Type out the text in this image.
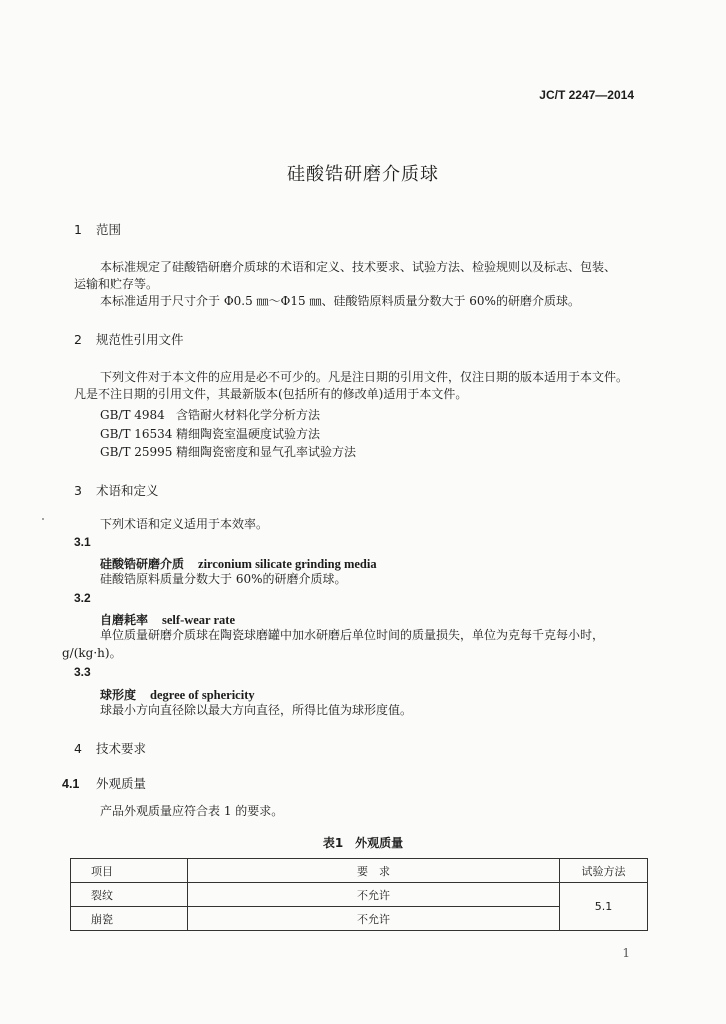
JC/T 2247—2014
硅酸锆研磨介质球
1 范围
本标准规定了硅酸锆研磨介质球的术语和定义、技术要求、试验方法、检验规则以及标志、包装、
运输和贮存等。
本标准适用于尺寸介于 Φ0.5 ㎜～Φ15 ㎜、硅酸锆原料质量分数大于 60%的研磨介质球。
2 规范性引用文件
下列文件对于本文件的应用是必不可少的。凡是注日期的引用文件，仅注日期的版本适用于本文件。
凡是不注日期的引用文件，其最新版本(包括所有的修改单)适用于本文件。
GB/T 4984 含锆耐火材料化学分析方法
GB/T 16534 精细陶瓷室温硬度试验方法
GB/T 25995 精细陶瓷密度和显气孔率试验方法
3 术语和定义
下列术语和定义适用于本效率。
3.1
硅酸锆研磨介质 zirconium silicate grinding media
硅酸锆原料质量分数大于 60%的研磨介质球。
3.2
自磨耗率 self-wear rate
单位质量研磨介质球在陶瓷球磨罐中加水研磨后单位时间的质量损失，单位为克每千克每小时，
g/(kg·h)。
3.3
球形度 degree of sphericity
球最小方向直径除以最大方向直径，所得比值为球形度值。
4 技术要求
4.1 外观质量
产品外观质量应符合表 1 的要求。
表1　外观质量
项目	要　求	试验方法
裂纹	不允许	5.1
崩瓷	不允许	
1
